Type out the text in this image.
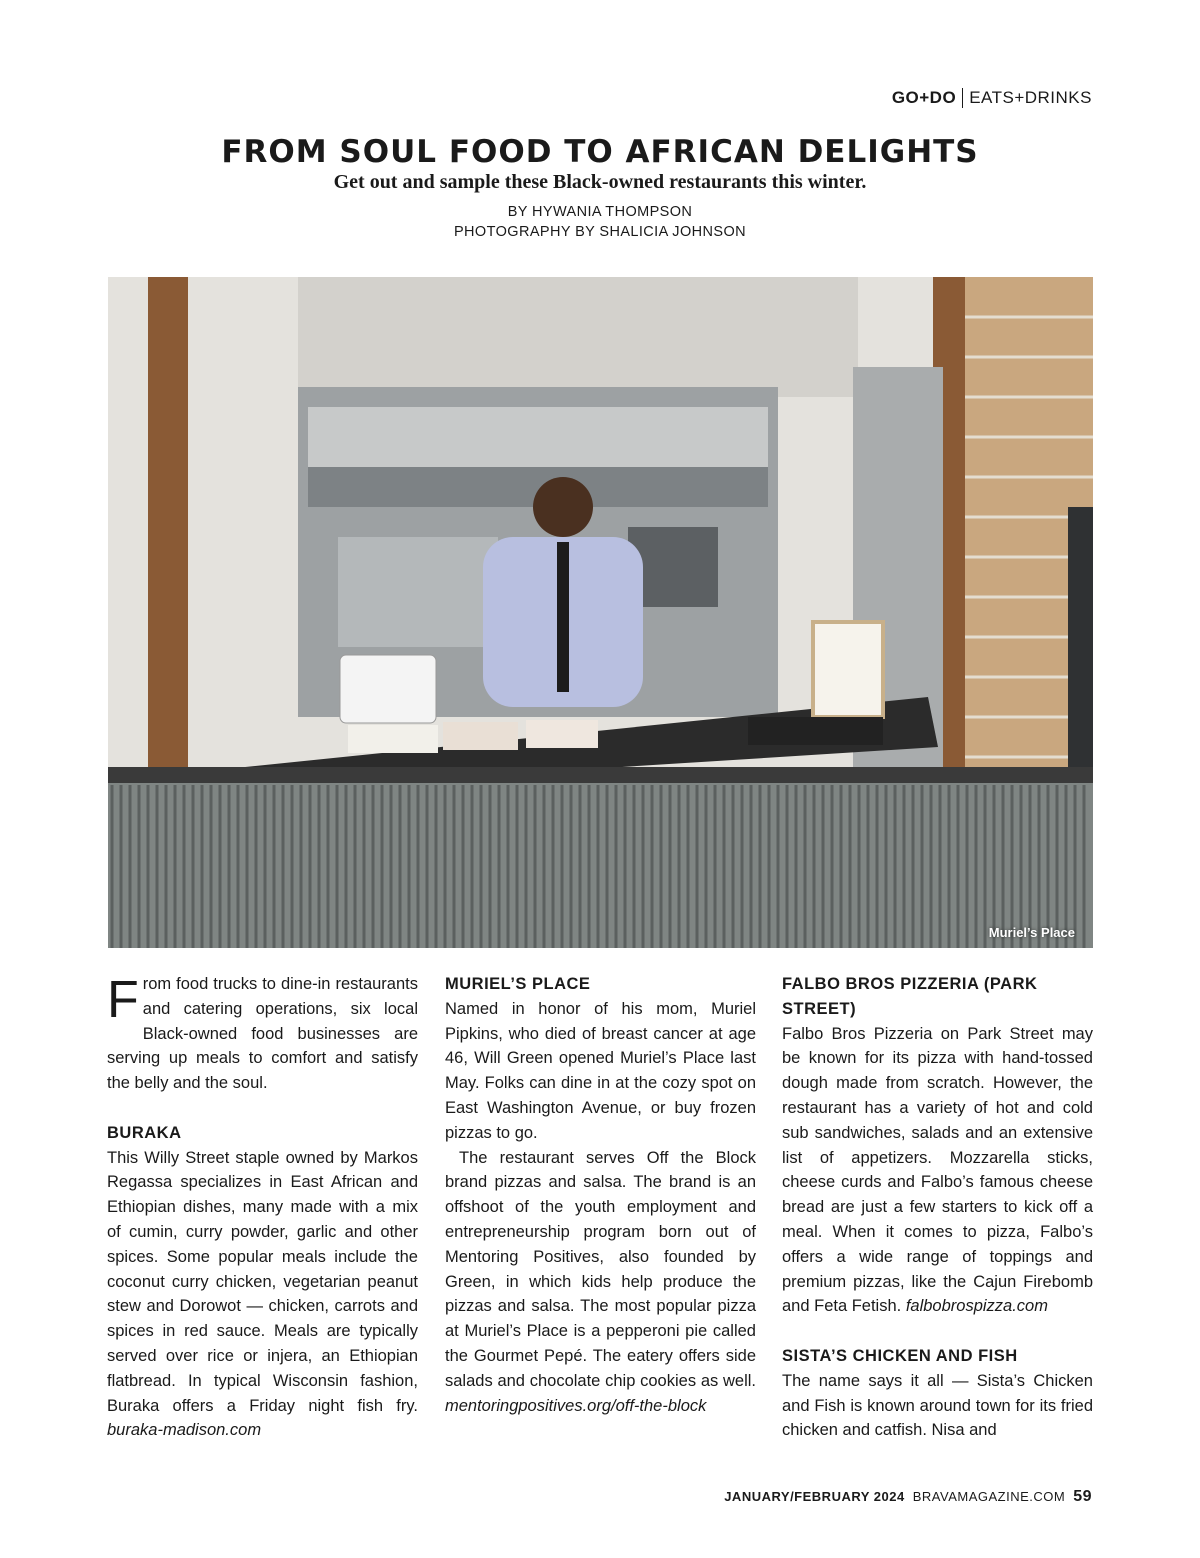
GO+DO EATS+DRINKS
FROM SOUL FOOD TO AFRICAN DELIGHTS
Get out and sample these Black-owned restaurants this winter.
BY HYWANIA THOMPSON
PHOTOGRAPHY BY SHALICIA JOHNSON
Muriel’s Place

From food trucks to dine-in restaurants and catering operations, six local Black-owned food businesses are serving up meals to comfort and satisfy the belly and the soul.

BURAKA

This Willy Street staple owned by Markos Regassa specializes in East African and Ethiopian dishes, many made with a mix of cumin, curry powder, garlic and other spices. Some popular meals include the coconut curry chicken, vegetarian peanut stew and Dorowot — chicken, carrots and spices in red sauce. Meals are typically served over rice or injera, an Ethiopian flatbread. In typical Wisconsin fashion, Buraka offers a Friday night fish fry. buraka-madison.com

MURIEL’S PLACE

Named in honor of his mom, Muriel Pipkins, who died of breast cancer at age 46, Will Green opened Muriel’s Place last May. Folks can dine in at the cozy spot on East Washington Avenue, or buy frozen pizzas to go.

The restaurant serves Off the Block brand pizzas and salsa. The brand is an offshoot of the youth employment and entrepreneurship program born out of Mentoring Positives, also founded by Green, in which kids help produce the pizzas and salsa. The most popular pizza at Muriel’s Place is a pepperoni pie called the Gourmet Pepé. The eatery offers side salads and chocolate chip cookies as well. mentoringpositives.org/off-the-block

FALBO BROS PIZZERIA (PARK STREET)

Falbo Bros Pizzeria on Park Street may be known for its pizza with hand-tossed dough made from scratch. However, the restaurant has a variety of hot and cold sub sandwiches, salads and an extensive list of appetizers. Mozzarella sticks, cheese curds and Falbo’s famous cheese bread are just a few starters to kick off a meal. When it comes to pizza, Falbo’s offers a wide range of toppings and premium pizzas, like the Cajun Firebomb and Feta Fetish. falbobrospizza.com

SISTA’S CHICKEN AND FISH

The name says it all — Sista’s Chicken and Fish is known around town for its fried chicken and catfish. Nisa and

JANUARY/FEBRUARY 2024 BRAVAMAGAZINE.COM 59
